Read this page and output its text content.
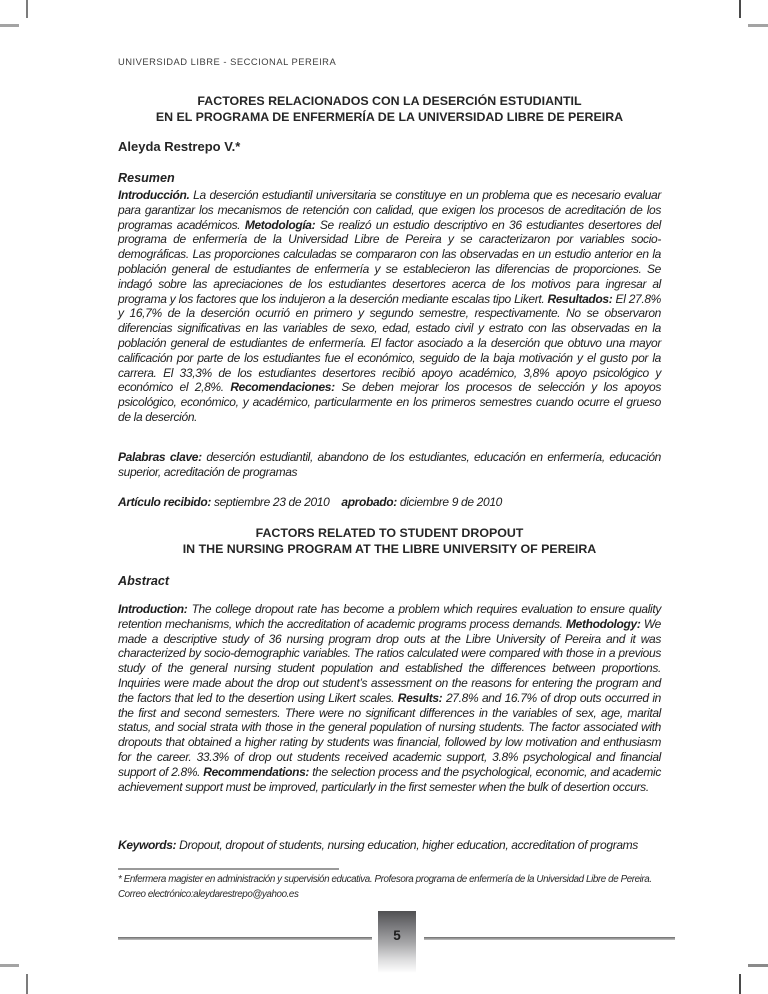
UNIVERSIDAD LIBRE - SECCIONAL PEREIRA
FACTORES RELACIONADOS CON LA DESERCIÓN ESTUDIANTIL
EN EL PROGRAMA DE ENFERMERÍA DE LA UNIVERSIDAD LIBRE DE PEREIRA
Aleyda Restrepo V.*
Resumen
Introducción. La deserción estudiantil universitaria se constituye en un problema que es necesario evaluar para garantizar los mecanismos de retención con calidad, que exigen los procesos de acreditación de los programas académicos. Metodología: Se realizó un estudio descriptivo en 36 estudiantes desertores del programa de enfermería de la Universidad Libre de Pereira y se caracterizaron por variables socio-demográficas. Las proporciones calculadas se compararon con las observadas en un estudio anterior en la población general de estudiantes de enfermería y se establecieron las diferencias de proporciones. Se indagó sobre las apreciaciones de los estudiantes desertores acerca de los motivos para ingresar al programa y los factores que los indujeron a la deserción mediante escalas tipo Likert. Resultados: El 27.8% y 16,7% de la deserción ocurrió en primero y segundo semestre, respectivamente. No se observaron diferencias significativas en las variables de sexo, edad, estado civil y estrato con las observadas en la población general de estudiantes de enfermería. El factor asociado a la deserción que obtuvo una mayor calificación por parte de los estudiantes fue el económico, seguido de la baja motivación y el gusto por la carrera. El 33,3% de los estudiantes desertores recibió apoyo académico, 3,8% apoyo psicológico y económico el 2,8%. Recomendaciones: Se deben mejorar los procesos de selección y los apoyos psicológico, económico, y académico, particularmente en los primeros semestres cuando ocurre el grueso de la deserción.
Palabras clave: deserción estudiantil, abandono de los estudiantes, educación en enfermería, educación superior, acreditación de programas
Artículo recibido: septiembre 23 de 2010    aprobado: diciembre 9 de 2010
FACTORS RELATED TO STUDENT DROPOUT
IN THE NURSING PROGRAM AT THE LIBRE UNIVERSITY OF PEREIRA
Abstract
Introduction: The college dropout rate has become a problem which requires evaluation to ensure quality retention mechanisms, which the accreditation of academic programs process demands. Methodology: We made a descriptive study of 36 nursing program drop outs at the Libre University of Pereira and it was characterized by socio-demographic variables. The ratios calculated were compared with those in a previous study of the general nursing student population and established the differences between proportions. Inquiries were made about the drop out student’s assessment on the reasons for entering the program and the factors that led to the desertion using Likert scales. Results: 27.8% and 16.7% of drop outs occurred in the first and second semesters. There were no significant differences in the variables of sex, age, marital status, and social strata with those in the general population of nursing students. The factor associated with dropouts that obtained a higher rating by students was financial, followed by low motivation and enthusiasm for the career. 33.3% of drop out students received academic support, 3.8% psychological and financial support of 2.8%. Recommendations: the selection process and the psychological, economic, and academic achievement support must be improved, particularly in the first semester when the bulk of desertion occurs.
Keywords: Dropout, dropout of students, nursing education, higher education, accreditation of programs
* Enfermera magister en administración y supervisión educativa. Profesora programa de enfermería de la Universidad Libre de Pereira.
Correo electrónico:aleydarestrepo@yahoo.es
5
